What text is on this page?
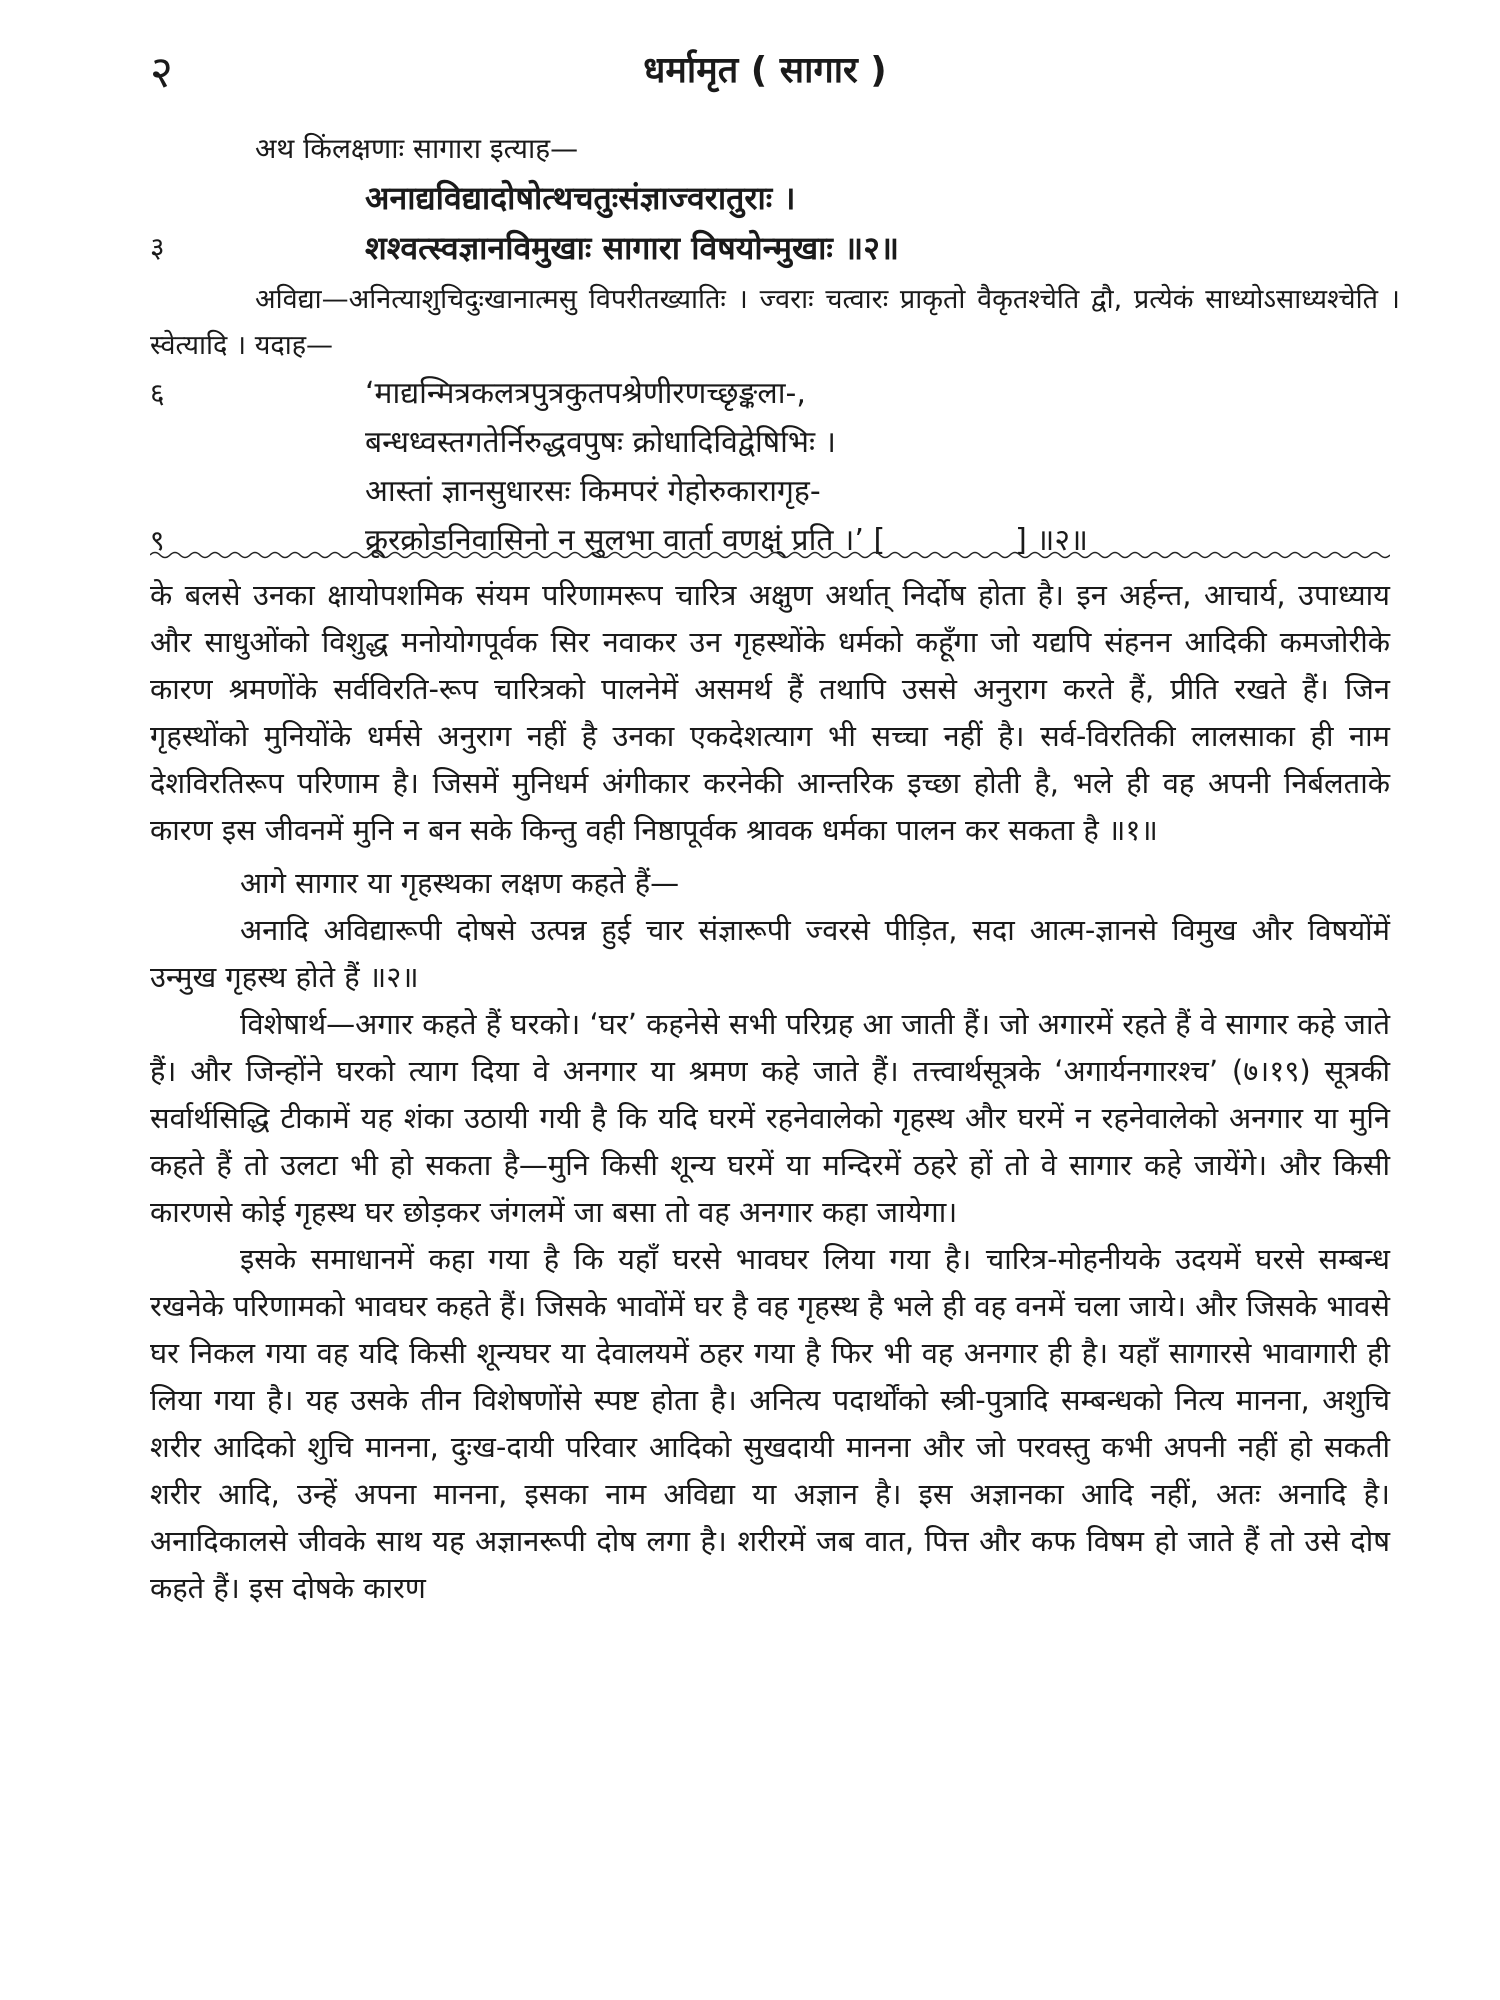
२	धर्मामृत ( सागार )
अथ किंलक्षणाः सागारा इत्याह—
अनाद्यविद्यादोषोत्थचतुःसंज्ञाज्वरातुराः ।
३	शश्वत्स्वज्ञानविमुखाः सागारा विषयोन्मुखाः ॥२॥

अविद्या—अनित्याशुचिदुःखानात्मसु विपरीतख्यातिः । ज्वराः चत्वारः प्राकृतो वैकृतश्चेति द्वौ, प्रत्येकं साध्योऽसाध्यश्चेति । स्वेत्यादि । यदाह—

६	‘माद्यन्मित्रकलत्रपुत्रकुतपश्रेणीरणच्छृङ्कला-,
बन्धध्वस्तगतेर्निरुद्धवपुषः क्रोधादिविद्वेषिभिः ।
आस्तां ज्ञानसुधारसः किमपरं गेहोरुकारागृह-
९	क्रूरक्रोडनिवासिनो न सुलभा वार्ता वणक्ष्ं प्रति ।’ [	] ॥२॥

के बलसे उनका क्षायोपशमिक संयम परिणामरूप चारित्र अक्षुण अर्थात् निर्दोष होता है। इन अर्हन्त, आचार्य, उपाध्याय और साधुओंको विशुद्ध मनोयोगपूर्वक सिर नवाकर उन गृहस्थोंके धर्मको कहूँगा जो यद्यपि संहनन आदिकी कमजोरीके कारण श्रमणोंके सर्वविरति-रूप चारित्रको पालनेमें असमर्थ हैं तथापि उससे अनुराग करते हैं, प्रीति रखते हैं। जिन गृहस्थोंको मुनियोंके धर्मसे अनुराग नहीं है उनका एकदेशत्याग भी सच्चा नहीं है। सर्व-विरतिकी लालसाका ही नाम देशविरतिरूप परिणाम है। जिसमें मुनिधर्म अंगीकार करनेकी आन्तरिक इच्छा होती है, भले ही वह अपनी निर्बलताके कारण इस जीवनमें मुनि न बन सके किन्तु वही निष्ठापूर्वक श्रावक धर्मका पालन कर सकता है ॥१॥

आगे सागार या गृहस्थका लक्षण कहते हैं—

अनादि अविद्यारूपी दोषसे उत्पन्न हुई चार संज्ञारूपी ज्वरसे पीड़ित, सदा आत्म-ज्ञानसे विमुख और विषयोंमें उन्मुख गृहस्थ होते हैं ॥२॥

विशेषार्थ—अगार कहते हैं घरको। ‘घर’ कहनेसे सभी परिग्रह आ जाती हैं। जो अगारमें रहते हैं वे सागार कहे जाते हैं। और जिन्होंने घरको त्याग दिया वे अनगार या श्रमण कहे जाते हैं। तत्त्वार्थसूत्रके ‘अगार्यनगारश्च’ (७।१९) सूत्रकी सर्वार्थसिद्धि टीकामें यह शंका उठायी गयी है कि यदि घरमें रहनेवालेको गृहस्थ और घरमें न रहनेवालेको अनगार या मुनि कहते हैं तो उलटा भी हो सकता है—मुनि किसी शून्य घरमें या मन्दिरमें ठहरे हों तो वे सागार कहे जायेंगे। और किसी कारणसे कोई गृहस्थ घर छोड़कर जंगलमें जा बसा तो वह अनगार कहा जायेगा।

इसके समाधानमें कहा गया है कि यहाँ घरसे भावघर लिया गया है। चारित्र-मोहनीयके उदयमें घरसे सम्बन्ध रखनेके परिणामको भावघर कहते हैं। जिसके भावोंमें घर है वह गृहस्थ है भले ही वह वनमें चला जाये। और जिसके भावसे घर निकल गया वह यदि किसी शून्यघर या देवालयमें ठहर गया है फिर भी वह अनगार ही है। यहाँ सागारसे भावागारी ही लिया गया है। यह उसके तीन विशेषणोंसे स्पष्ट होता है। अनित्य पदार्थोंको स्त्री-पुत्रादि सम्बन्धको नित्य मानना, अशुचि शरीर आदिको शुचि मानना, दुःख-दायी परिवार आदिको सुखदायी मानना और जो परवस्तु कभी अपनी नहीं हो सकती शरीर आदि, उन्हें अपना मानना, इसका नाम अविद्या या अज्ञान है। इस अज्ञानका आदि नहीं, अतः अनादि है। अनादिकालसे जीवके साथ यह अज्ञानरूपी दोष लगा है। शरीरमें जब वात, पित्त और कफ विषम हो जाते हैं तो उसे दोष कहते हैं। इस दोषके कारण
